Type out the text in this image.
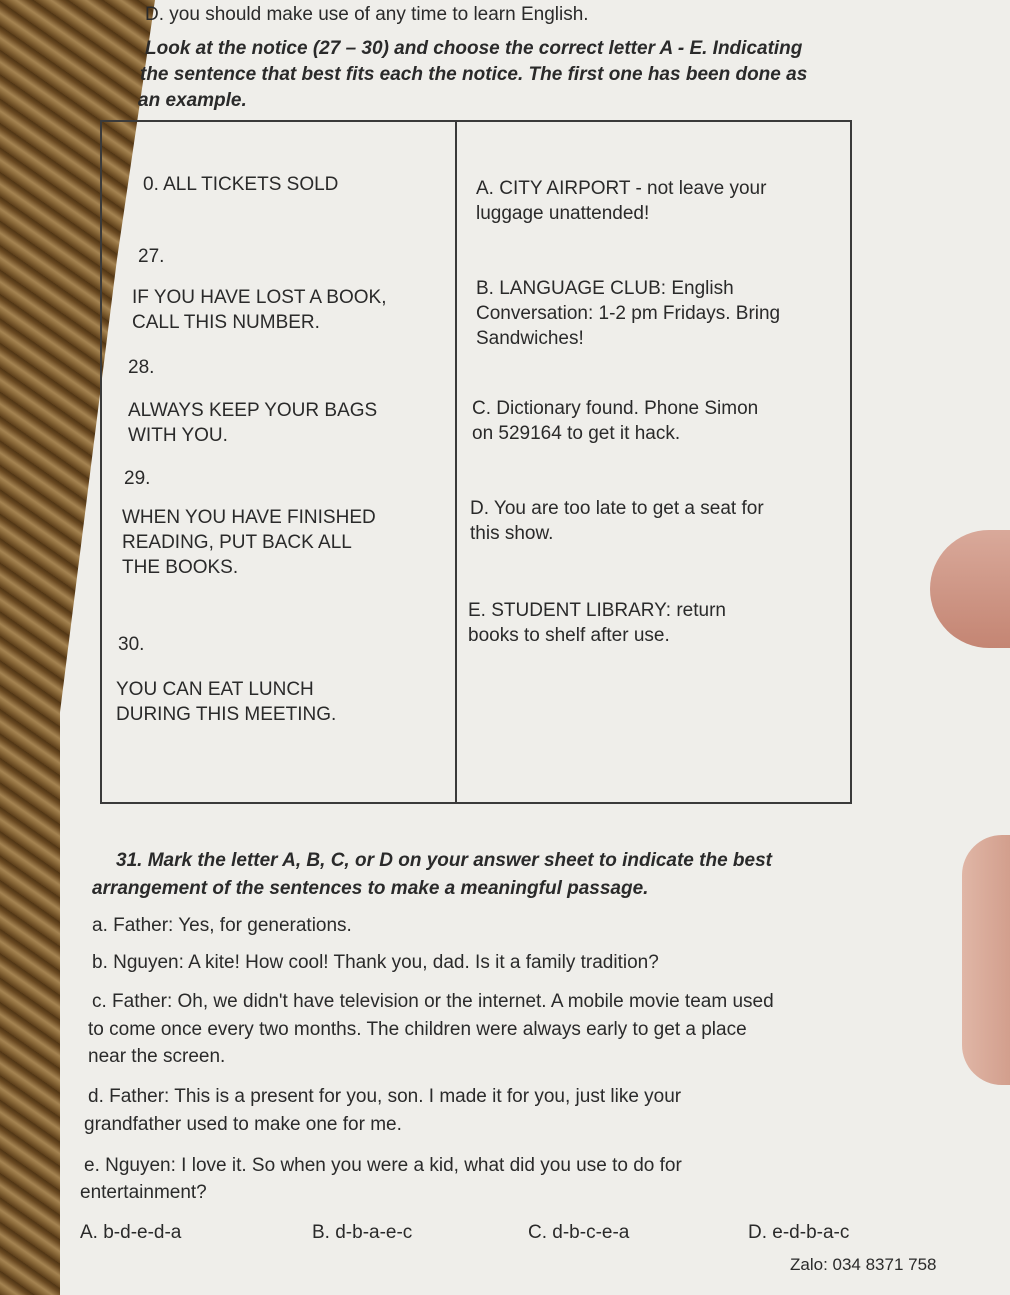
D. you should make use of any time to learn English.
Look at the notice (27 – 30) and choose the correct letter A - E. Indicating
the sentence that best fits each the notice. The first one has been done as
an example.
0. ALL TICKETS SOLD
27.
IF YOU HAVE LOST A BOOK,
CALL THIS NUMBER.
28.
ALWAYS KEEP YOUR BAGS
WITH YOU.
29.
WHEN YOU HAVE FINISHED
READING, PUT BACK ALL
THE BOOKS.
30.
YOU CAN EAT LUNCH
DURING THIS MEETING.
A. CITY AIRPORT - not leave your
luggage unattended!
B. LANGUAGE CLUB: English
Conversation: 1-2 pm Fridays. Bring
Sandwiches!
C. Dictionary found. Phone Simon
on 529164 to get it hack.
D. You are too late to get a seat for
this show.
E. STUDENT LIBRARY: return
books to shelf after use.
31. Mark the letter A, B, C, or D on your answer sheet to indicate the best
arrangement of the sentences to make a meaningful passage.
a. Father: Yes, for generations.
b. Nguyen: A kite! How cool! Thank you, dad. Is it a family tradition?
c. Father: Oh, we didn't have television or the internet. A mobile movie team used
to come once every two months. The children were always early to get a place
near the screen.
d. Father: This is a present for you, son. I made it for you, just like your
grandfather used to make one for me.
e. Nguyen: I love it. So when you were a kid, what did you use to do for
entertainment?
A. b-d-e-d-a	B. d-b-a-e-c	C. d-b-c-e-a	D. e-d-b-a-c
Zalo: 034 8371 758
